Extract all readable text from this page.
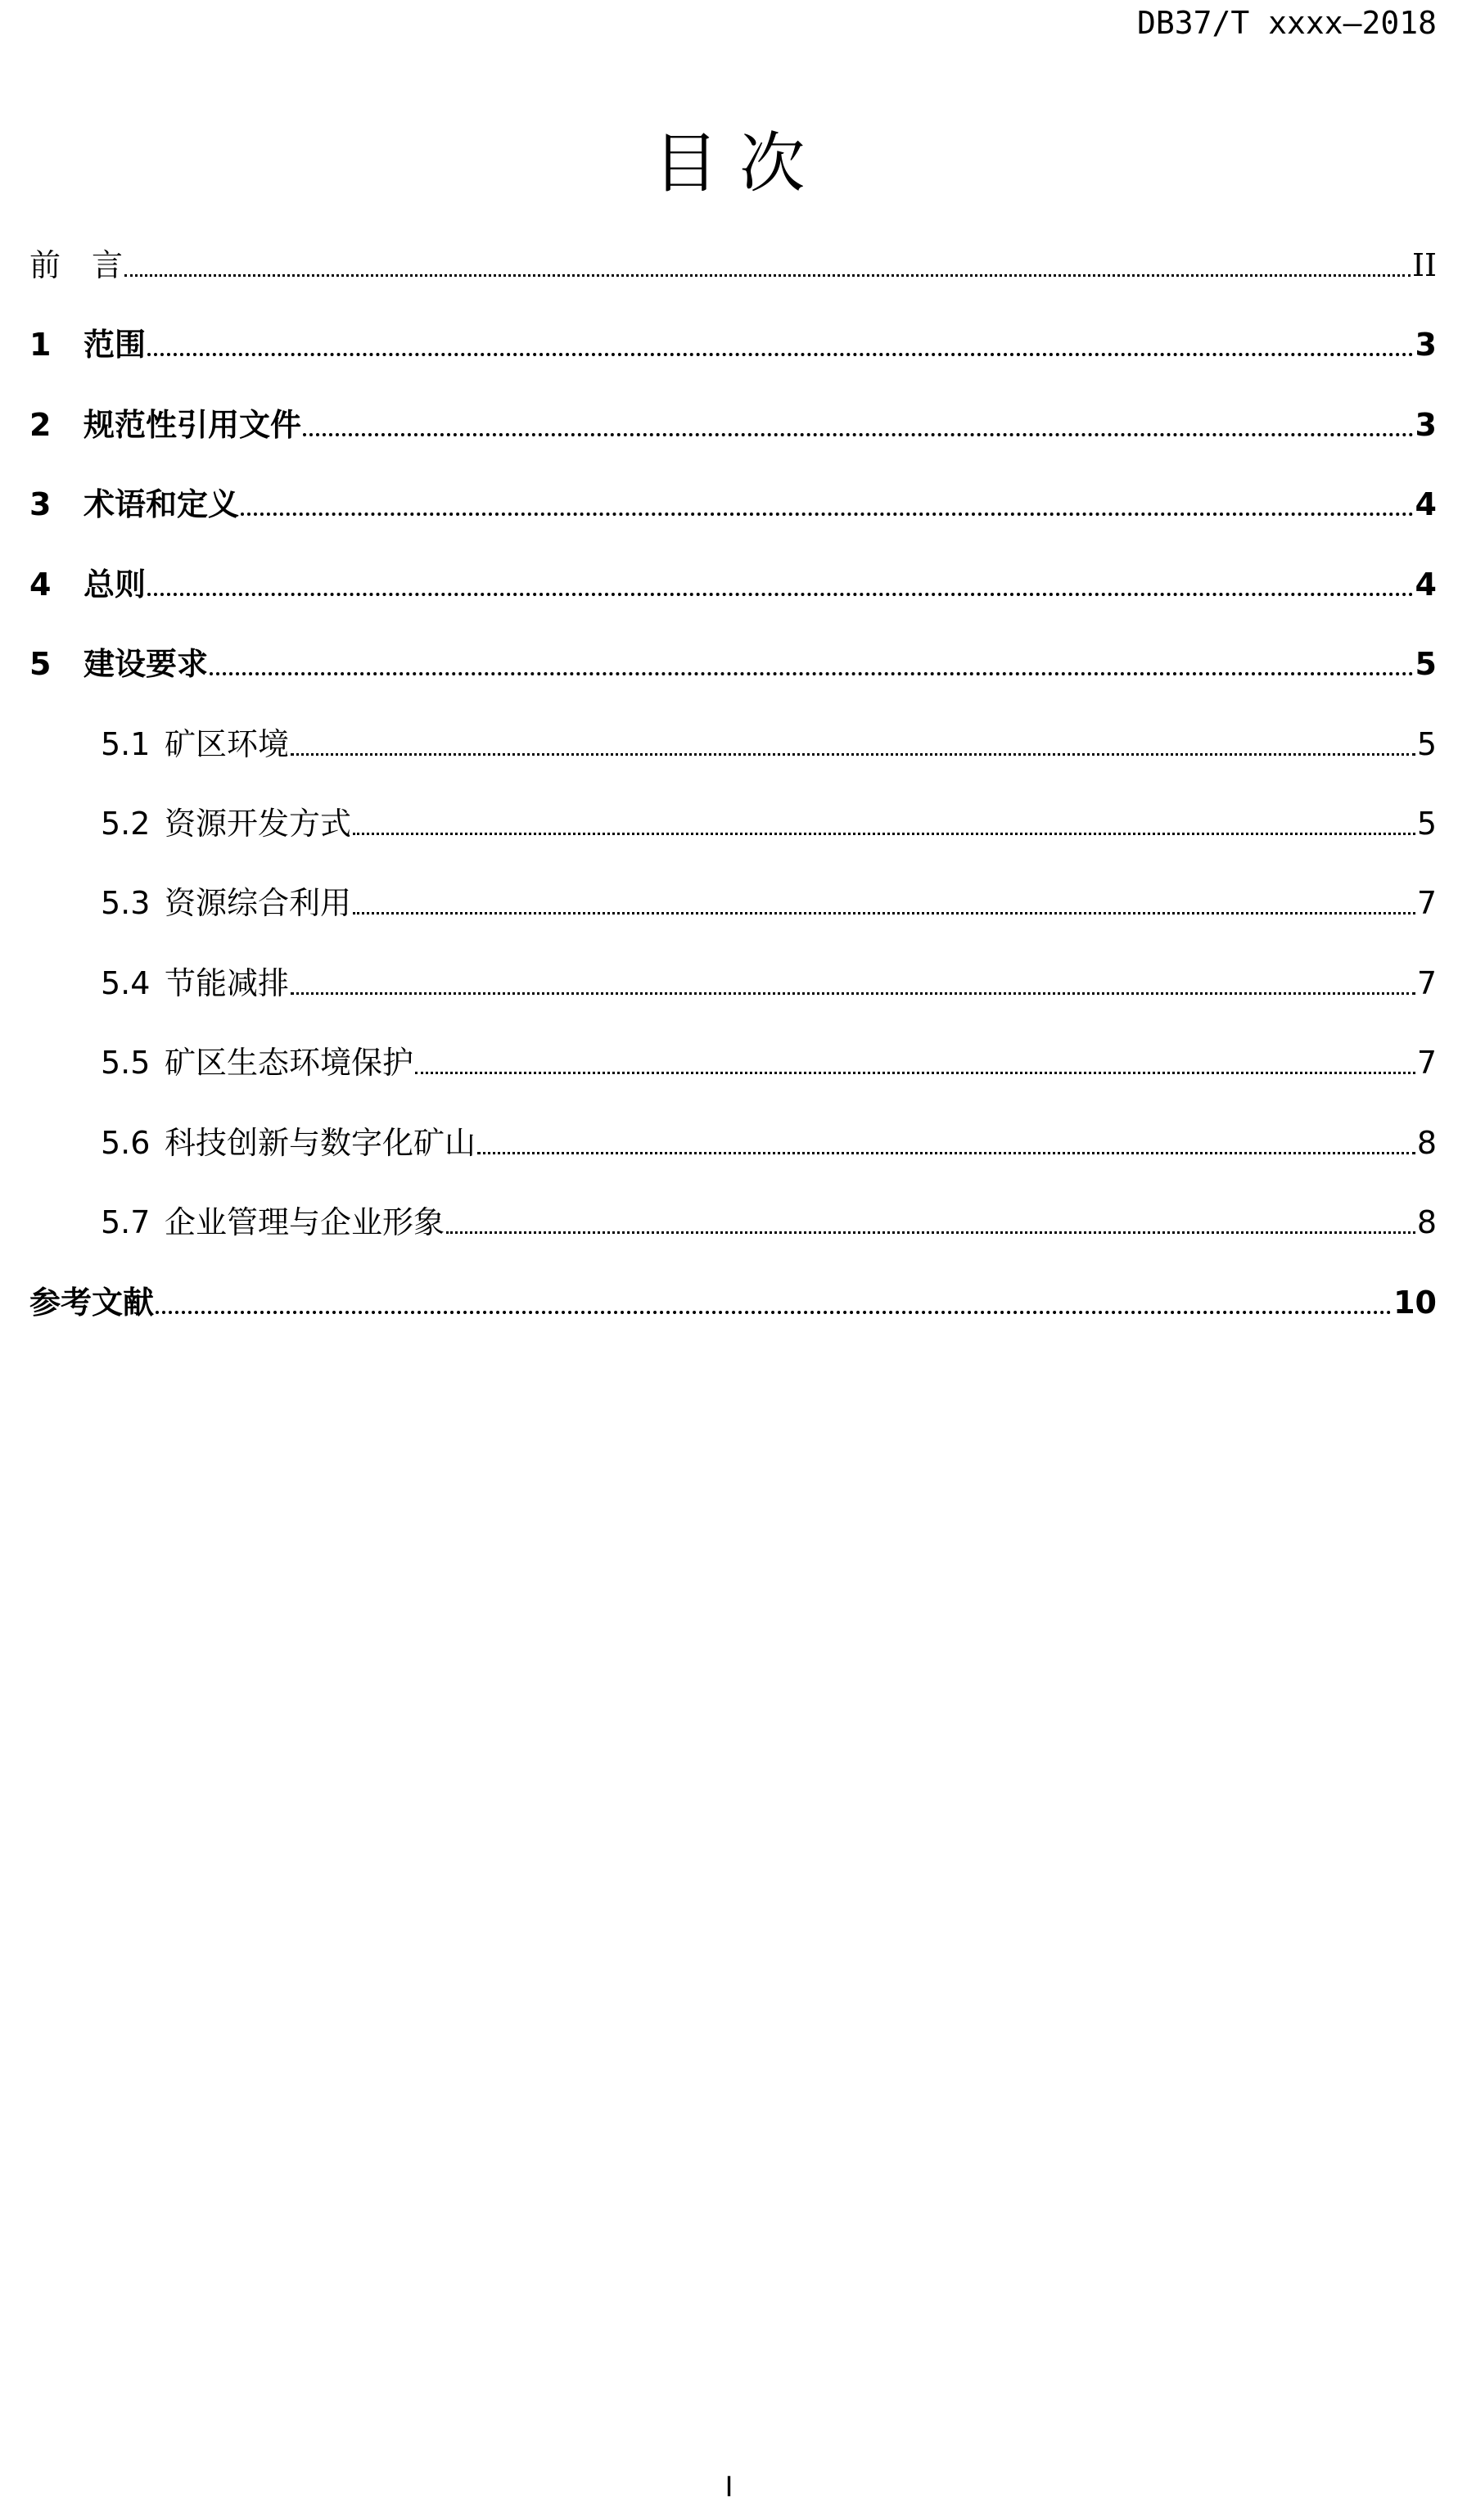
DB37/T xxxx—2018
目 次
前　言	II
1	范围	3
2	规范性引用文件	3
3	术语和定义	4
4	总则	4
5	建设要求	5
5.1 矿区环境	5
5.2 资源开发方式	5
5.3 资源综合利用	7
5.4 节能减排	7
5.5 矿区生态环境保护	7
5.6 科技创新与数字化矿山	8
5.7 企业管理与企业形象	8
参考文献	10
I
